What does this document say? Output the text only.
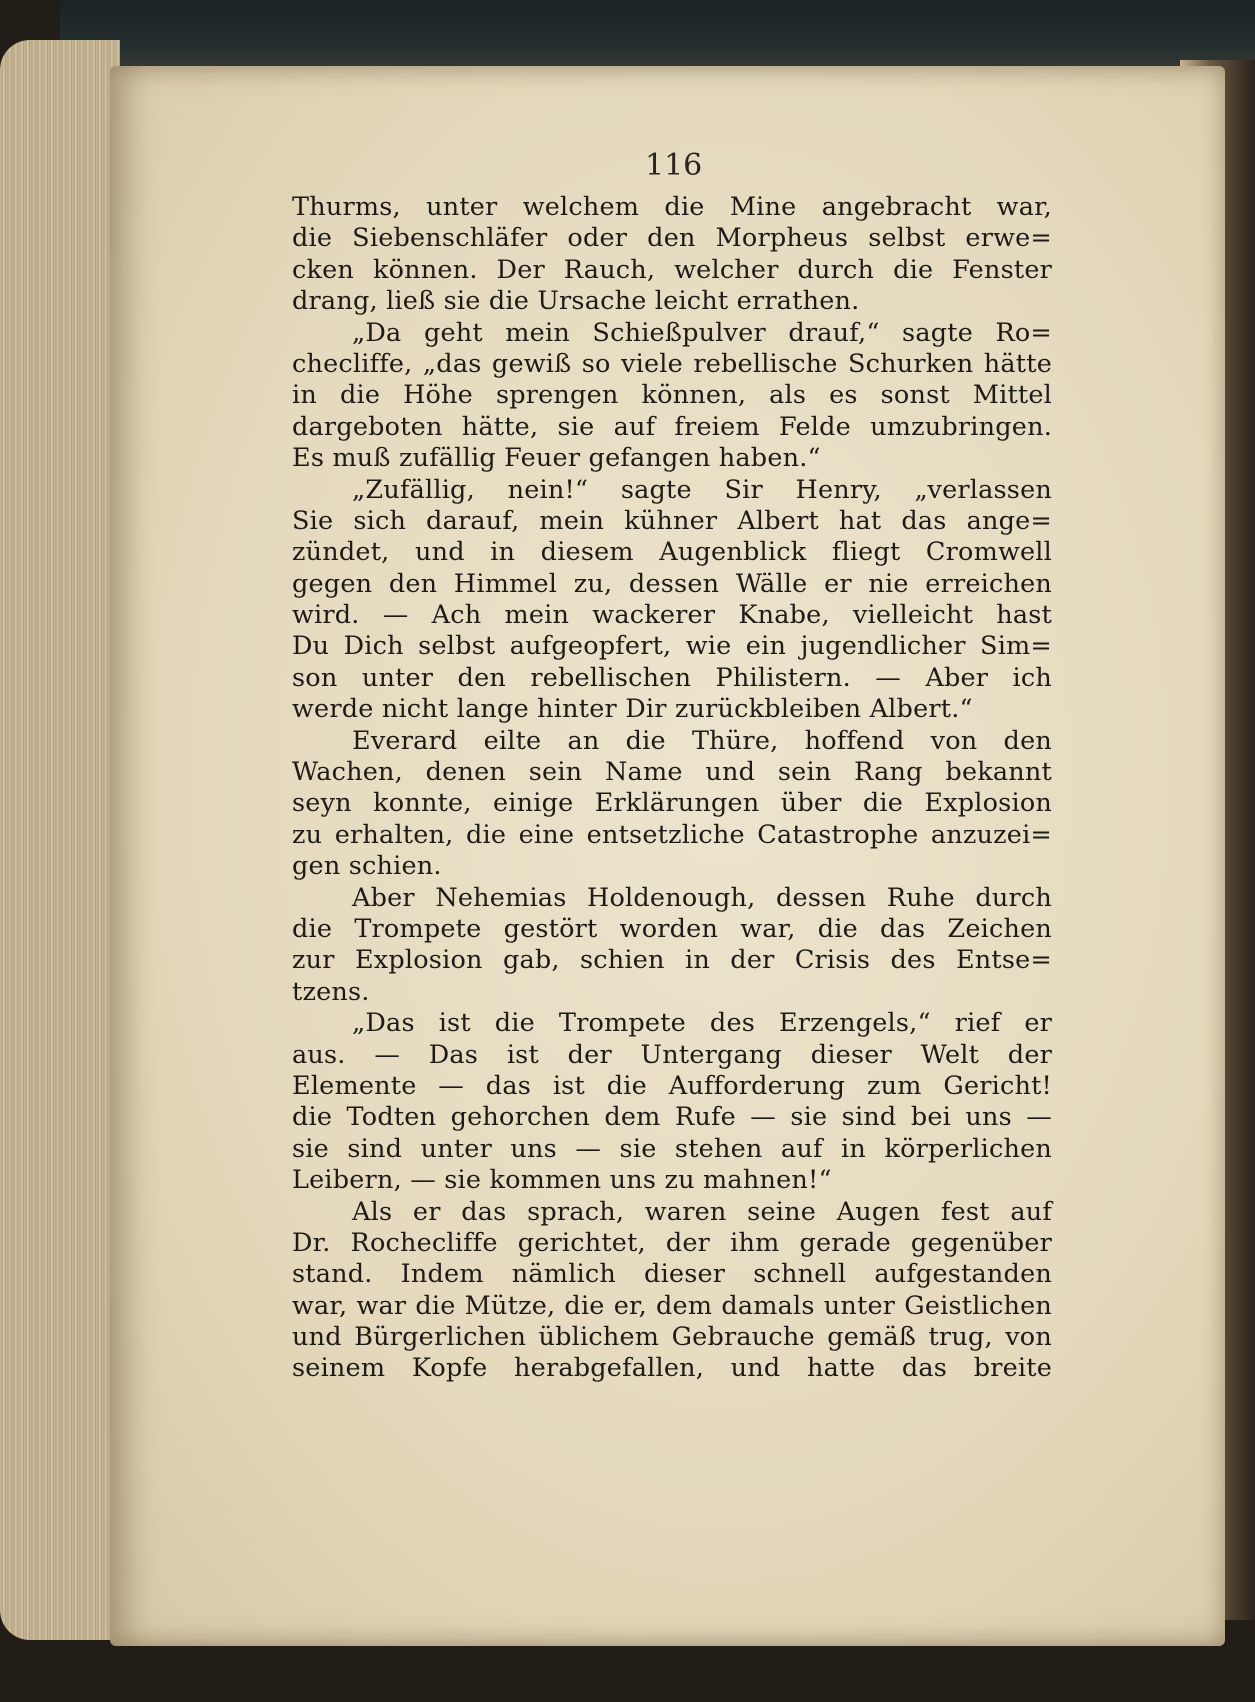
116
Thurms, unter welchem die Mine angebracht war,
die Siebenschläfer oder den Morpheus selbst erwe=
cken können. Der Rauch, welcher durch die Fenster
drang, ließ sie die Ursache leicht errathen.
„Da geht mein Schießpulver drauf,“ sagte Ro=
checliffe, „das gewiß so viele rebellische Schurken hätte
in die Höhe sprengen können, als es sonst Mittel
dargeboten hätte, sie auf freiem Felde umzubringen.
Es muß zufällig Feuer gefangen haben.“
„Zufällig, nein!“ sagte Sir Henry, „verlassen
Sie sich darauf, mein kühner Albert hat das ange=
zündet, und in diesem Augenblick fliegt Cromwell
gegen den Himmel zu, dessen Wälle er nie erreichen
wird. — Ach mein wackerer Knabe, vielleicht hast
Du Dich selbst aufgeopfert, wie ein jugendlicher Sim=
son unter den rebellischen Philistern. — Aber ich
werde nicht lange hinter Dir zurückbleiben Albert.“
Everard eilte an die Thüre, hoffend von den
Wachen, denen sein Name und sein Rang bekannt
seyn konnte, einige Erklärungen über die Explosion
zu erhalten, die eine entsetzliche Catastrophe anzuzei=
gen schien.
Aber Nehemias Holdenough, dessen Ruhe durch
die Trompete gestört worden war, die das Zeichen
zur Explosion gab, schien in der Crisis des Entse=
tzens.
„Das ist die Trompete des Erzengels,“ rief er
aus. — Das ist der Untergang dieser Welt der
Elemente — das ist die Aufforderung zum Gericht!
die Todten gehorchen dem Rufe — sie sind bei uns —
sie sind unter uns — sie stehen auf in körperlichen
Leibern, — sie kommen uns zu mahnen!“
Als er das sprach, waren seine Augen fest auf
Dr. Rochecliffe gerichtet, der ihm gerade gegenüber
stand. Indem nämlich dieser schnell aufgestanden
war, war die Mütze, die er, dem damals unter Geistlichen
und Bürgerlichen üblichem Gebrauche gemäß trug, von
seinem Kopfe herabgefallen, und hatte das breite
